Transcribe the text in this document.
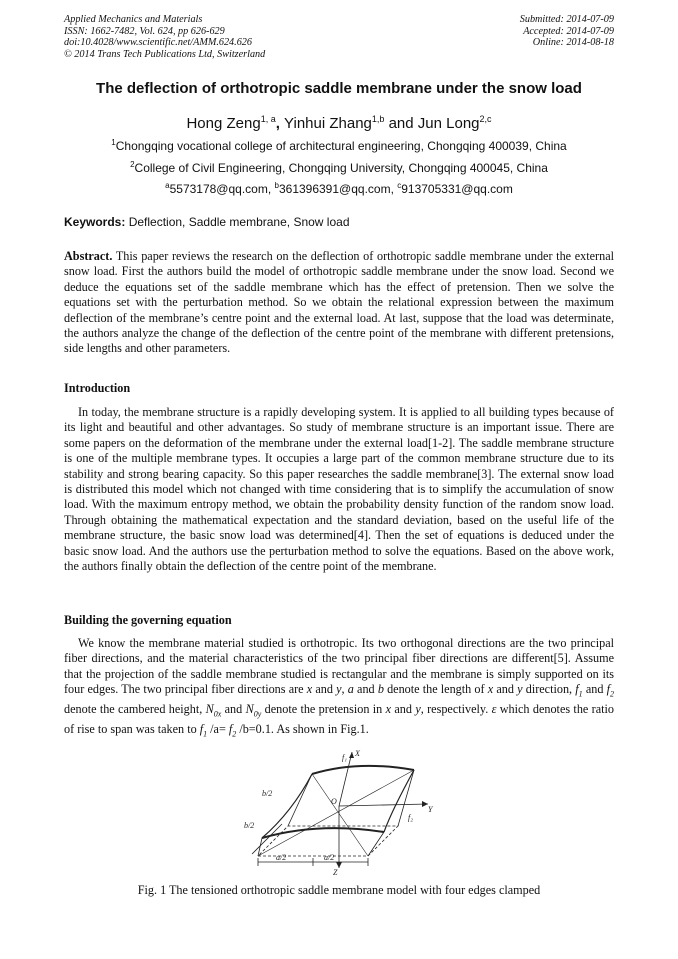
Applied Mechanics and Materials
ISSN: 1662-7482, Vol. 624, pp 626-629
doi:10.4028/www.scientific.net/AMM.624.626
© 2014 Trans Tech Publications Ltd, Switzerland
Submitted: 2014-07-09
Accepted: 2014-07-09
Online: 2014-08-18
The deflection of orthotropic saddle membrane under the snow load
Hong Zeng$^{1, a}$, Yinhui Zhang$^{1,b}$ and Jun Long$^{2,c}$
$^1$Chongqing vocational college of architectural engineering, Chongqing 400039, China
$^2$College of Civil Engineering, Chongqing University, Chongqing 400045, China
$^a$5573178@qq.com, $^b$361396391@qq.com, $^c$913705331@qq.com
Keywords: Deflection, Saddle membrane, Snow load
Abstract. This paper reviews the research on the deflection of orthotropic saddle membrane under the external snow load. First the authors build the model of orthotropic saddle membrane under the snow load. Second we deduce the equations set of the saddle membrane which has the effect of pretension. Then we solve the equations set with the perturbation method. So we obtain the relational expression between the maximum deflection of the membrane’s centre point and the external load. At last, suppose that the load was determinate, the authors analyze the change of the deflection of the centre point of the membrane with different pretensions, side lengths and other parameters.
Introduction
In today, the membrane structure is a rapidly developing system. It is applied to all building types because of its light and beautiful and other advantages. So study of membrane structure is an important issue. There are some papers on the deformation of the membrane under the external load[1-2]. The saddle membrane structure is one of the multiple membrane types. It occupies a large part of the common membrane structure due to its stability and strong bearing capacity. So this paper researches the saddle membrane[3]. The external snow load is distributed this model which not changed with time considering that is to simplify the accumulation of snow load. With the maximum entropy method, we obtain the probability density function of the random snow load. Through obtaining the mathematical expectation and the standard deviation, based on the useful life of the membrane structure, the basic snow load was determined[4]. Then the set of equations is deduced under the basic snow load. And the authors use the perturbation method to solve the equations. Based on the above work, the authors finally obtain the deflection of the centre point of the membrane.
Building the governing equation
We know the membrane material studied is orthotropic. Its two orthogonal directions are the two principal fiber directions, and the material characteristics of the two principal fiber directions are different[5]. Assume that the projection of the saddle membrane studied is rectangular and the membrane is simply supported on its four edges. The two principal fiber directions are x and y, a and b denote the length of x and y direction, $f_1$ and $f_2$ denote the cambered height, $N_{0x}$ and $N_{0y}$ denote the pretension in x and y, respectively. ε which denotes the ratio of rise to span was taken to $f_1$ $/a= f_2$ /b=0.1. As shown in Fig.1.
X
Y
Z
O
f₁
f₂
b/2
b/2
a/2	a/2
Fig. 1 The tensioned orthotropic saddle membrane model with four edges clamped
